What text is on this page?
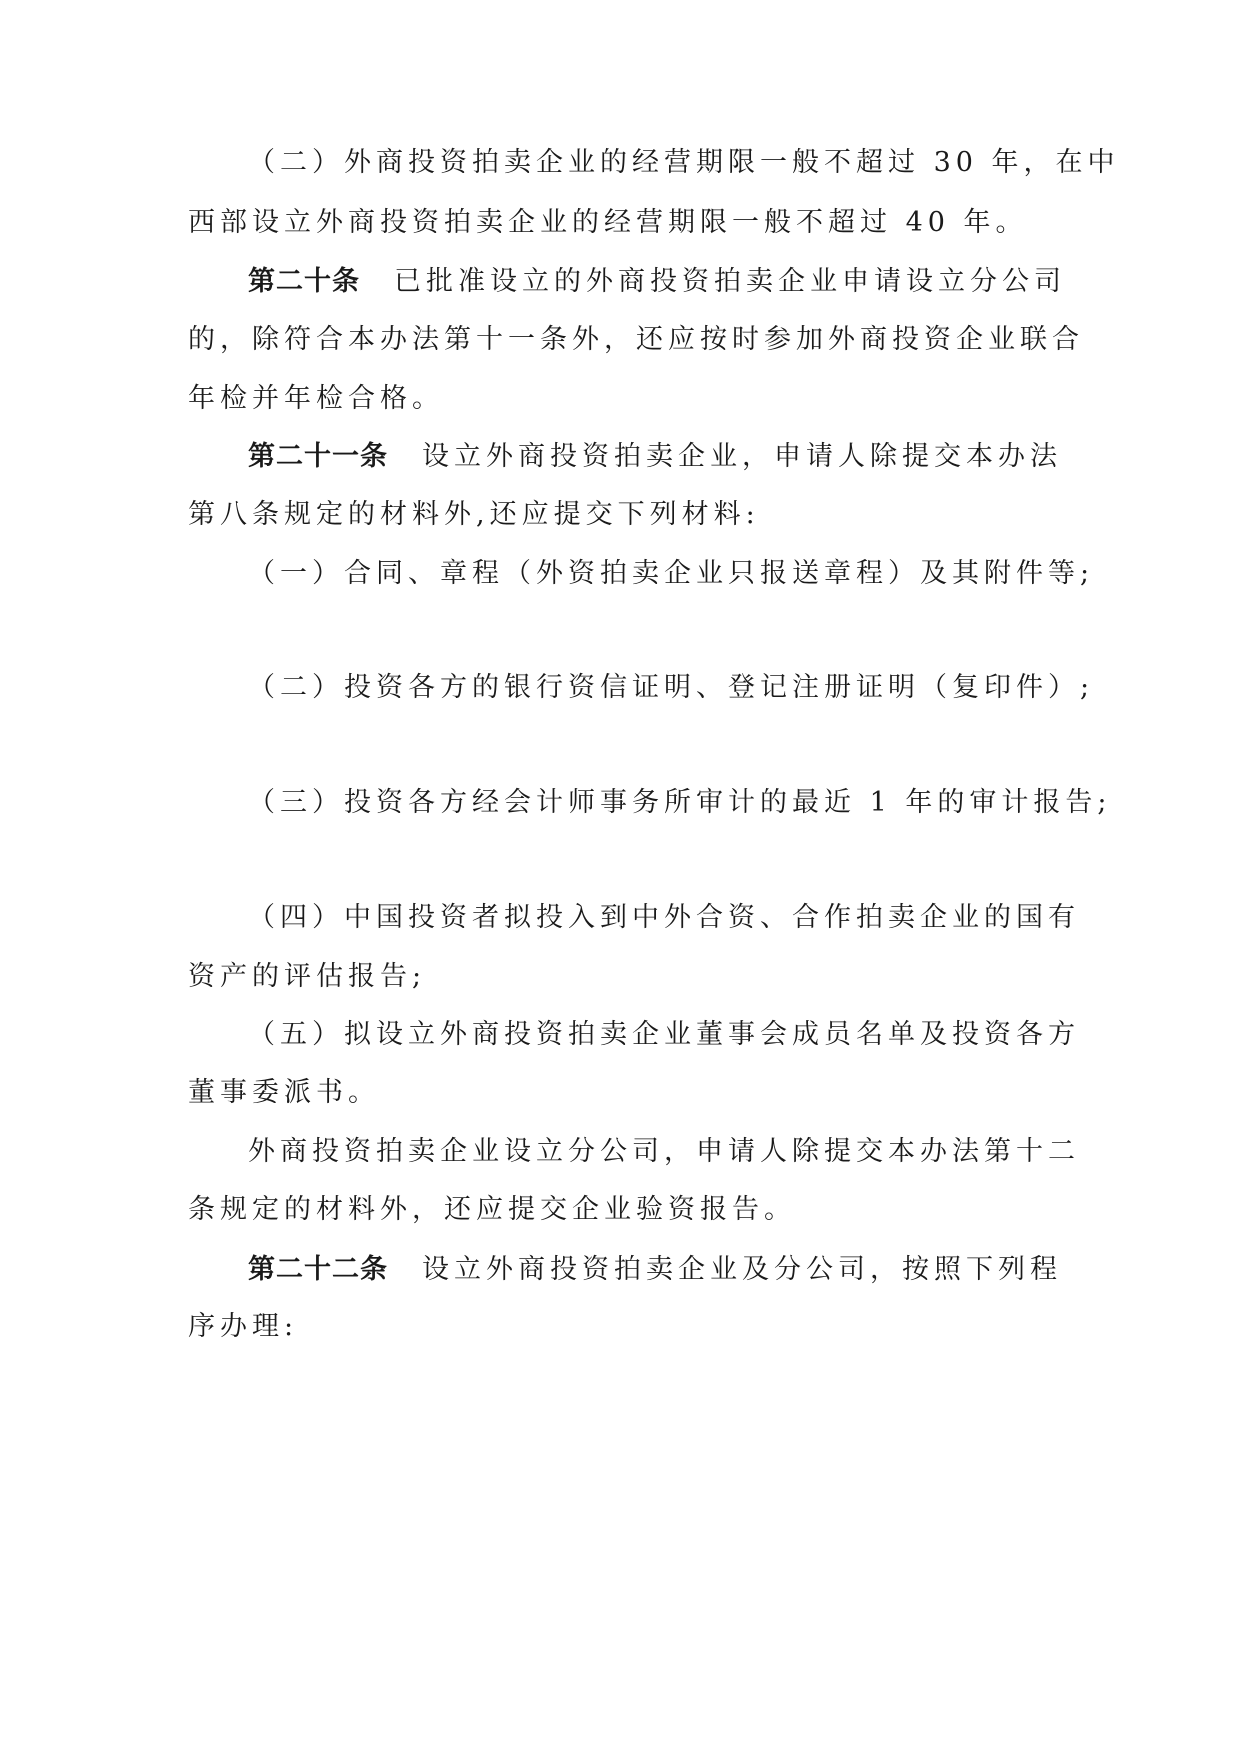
（二）外商投资拍卖企业的经营期限一般不超过 30 年，在中
西部设立外商投资拍卖企业的经营期限一般不超过 40 年。
第二十条 已批准设立的外商投资拍卖企业申请设立分公司
的，除符合本办法第十一条外，还应按时参加外商投资企业联合
年检并年检合格。
第二十一条 设立外商投资拍卖企业，申请人除提交本办法
第八条规定的材料外,还应提交下列材料:
（一）合同、章程（外资拍卖企业只报送章程）及其附件等;
（二）投资各方的银行资信证明、登记注册证明（复印件）;
（三）投资各方经会计师事务所审计的最近 1 年的审计报告;
（四）中国投资者拟投入到中外合资、合作拍卖企业的国有
资产的评估报告;
（五）拟设立外商投资拍卖企业董事会成员名单及投资各方
董事委派书。
外商投资拍卖企业设立分公司，申请人除提交本办法第十二
条规定的材料外，还应提交企业验资报告。
第二十二条 设立外商投资拍卖企业及分公司，按照下列程
序办理:
